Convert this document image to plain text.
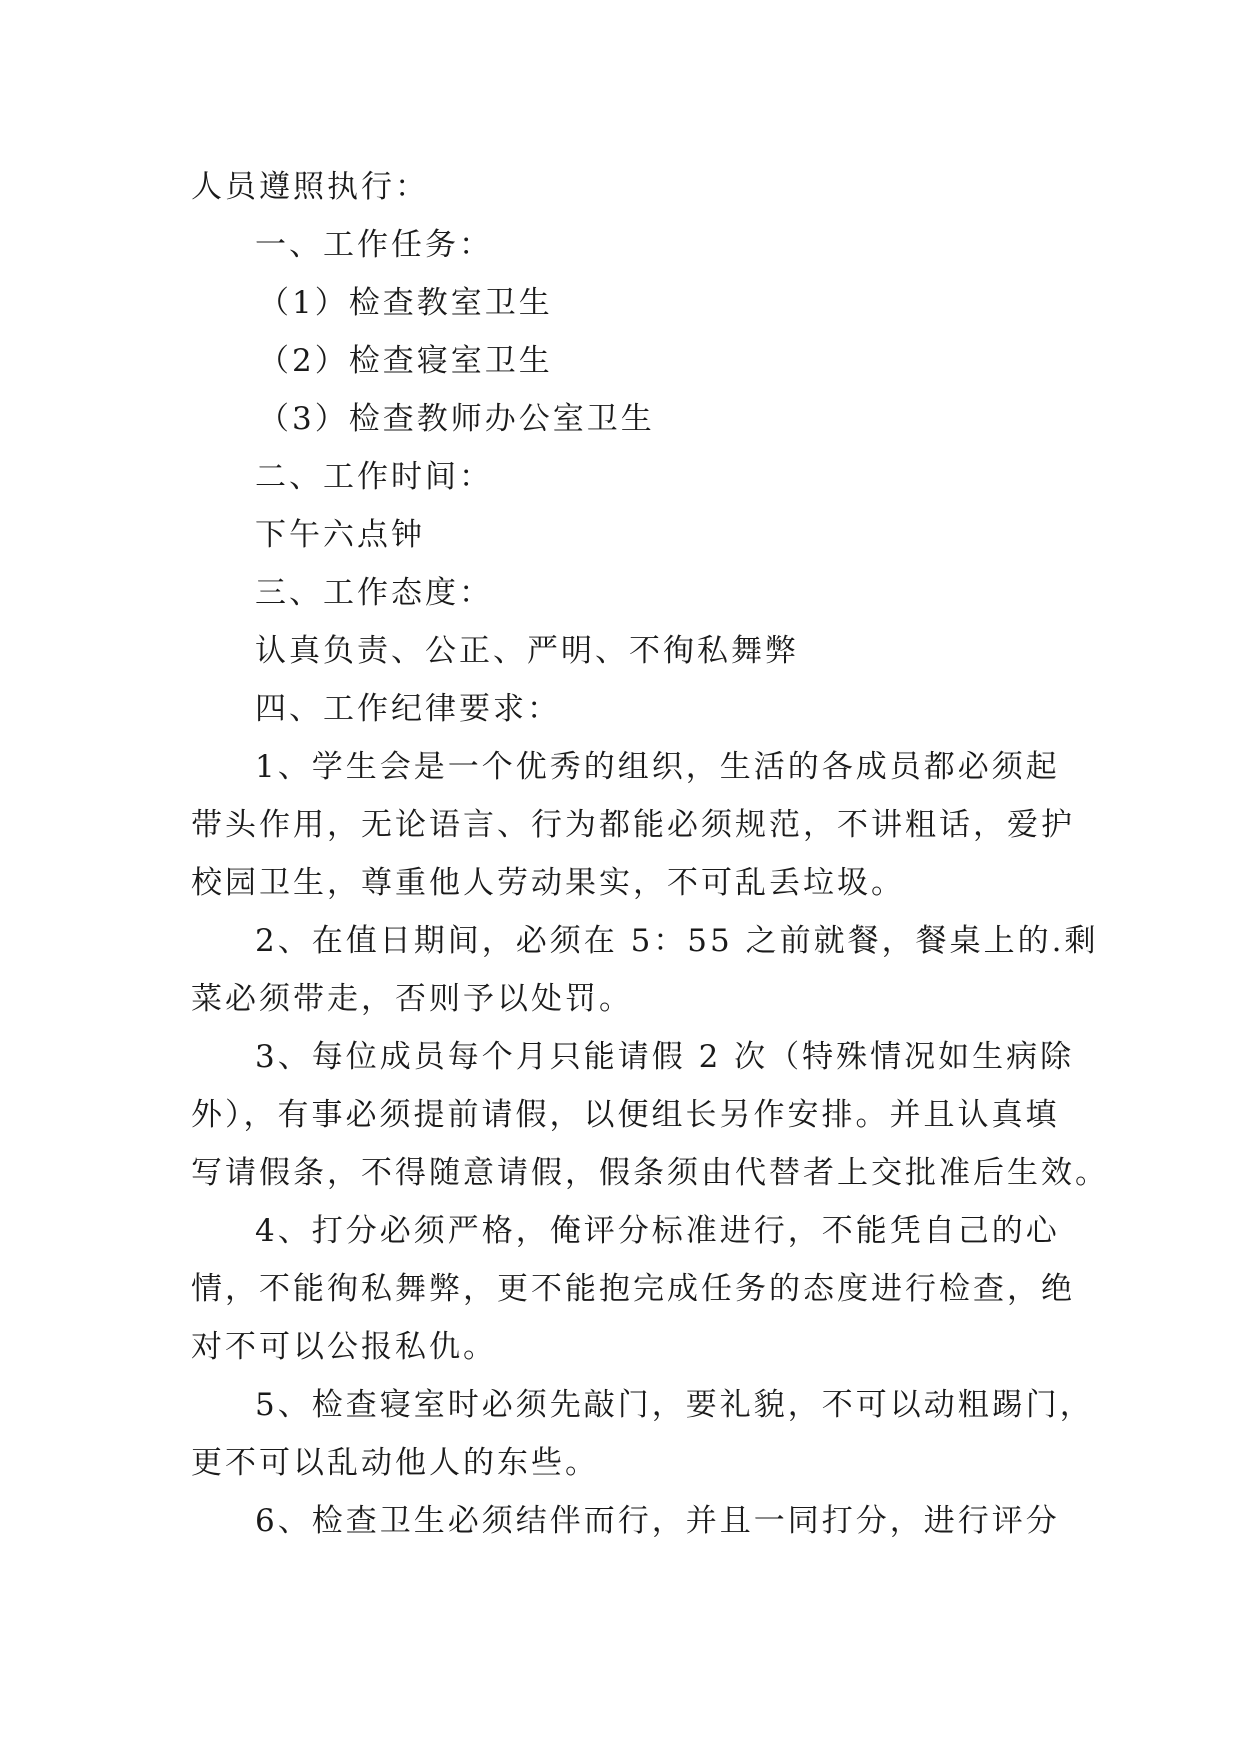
人员遵照执行：
一、工作任务：
（1）检查教室卫生
（2）检查寝室卫生
（3）检查教师办公室卫生
二、工作时间：
下午六点钟
三、工作态度：
认真负责、公正、严明、不徇私舞弊
四、工作纪律要求：
1、学生会是一个优秀的组织，生活的各成员都必须起
带头作用，无论语言、行为都能必须规范，不讲粗话，爱护
校园卫生，尊重他人劳动果实，不可乱丢垃圾。
2、在值日期间，必须在 5：55 之前就餐，餐桌上的.剩
菜必须带走，否则予以处罚。
3、每位成员每个月只能请假 2 次（特殊情况如生病除
外），有事必须提前请假，以便组长另作安排。并且认真填
写请假条，不得随意请假，假条须由代替者上交批准后生效。
4、打分必须严格，俺评分标准进行，不能凭自己的心
情，不能徇私舞弊，更不能抱完成任务的态度进行检查，绝
对不可以公报私仇。
5、检查寝室时必须先敲门，要礼貌，不可以动粗踢门，
更不可以乱动他人的东些。
6、检查卫生必须结伴而行，并且一同打分，进行评分
